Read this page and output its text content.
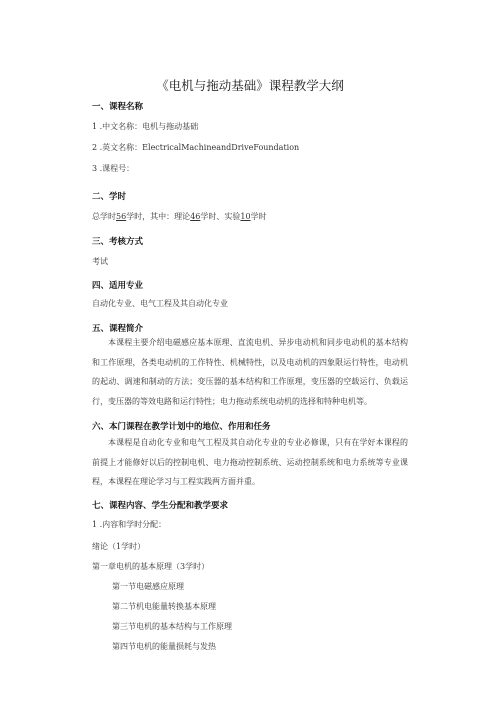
《电机与拖动基础》课程教学大纲
一、课程名称
1 .中文名称：电机与拖动基础
2 .英文名称：ElectricalMachineandDriveFoundation
3 .课程号：
二、学时
总学时56学时，其中：理论46学时、实验10学时
三、考核方式
考试
四、适用专业
自动化专业、电气工程及其自动化专业
五、课程简介
本课程主要介绍电磁感应基本原理、直流电机、异步电动机和同步电动机的基本结构和工作原理，各类电动机的工作特性、机械特性，以及电动机的四象限运行特性，电动机的起动、调速和制动的方法；变压器的基本结构和工作原理，变压器的空载运行、负载运行，变压器的等效电路和运行特性；电力拖动系统电动机的选择和特种电机等。
六、本门课程在教学计划中的地位、作用和任务
本课程是自动化专业和电气工程及其自动化专业的专业必修课，只有在学好本课程的前提上才能修好以后的控制电机、电力拖动控制系统、运动控制系统和电力系统等专业课程，本课程在理论学习与工程实践两方面并重。
七、课程内容、学生分配和教学要求
1 .内容和学时分配：
绪论（1学时）
第一章电机的基本原理（3学时）
第一节电磁感应原理
第二节机电能量转换基本原理
第三节电机的基本结构与工作原理
第四节电机的能量损耗与发热
